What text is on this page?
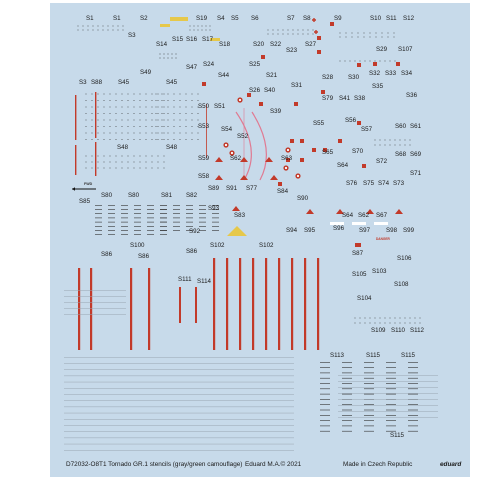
S1	S1	S2	S19 S4 S5 S6	S7 S8	S9	S10 S11 S12
S3
S14
S15 S16 S17
S18	S20 S22	S27
S23	S29 S107
S47
S49
S24	S25
S44	S21	S28 S30
S32 S33 S34
S3 S88	S45	S45
S26 S40
S31	S35
S79 S41 S38	S36
S50 S51
S53 S54
S39
S52
S55	S56
S57	S60 S61
S48	S48
S59	S62	S63
S64
S65	S70	S68 S69
S72
S71
S58
S89 S91 S77	S84
S76 S75 S74 S73
S80	S80	S81 S82	S90
S85
S93
S86
S83	S64 S62 S67
S92	S94 S95	S96 S97	S98 S99
S100	S102	S102
S86
S86	S87
S106
S103
S111 S114
S105
S108
S104
S109 S110 S112
S113	S115	S115
S115
D72032-O8T1 Tornado GR.1 stencils (gray/green camouflage) Eduard M.A.© 2021	Made in Czech Republic	eduard
FWD
DANGER
